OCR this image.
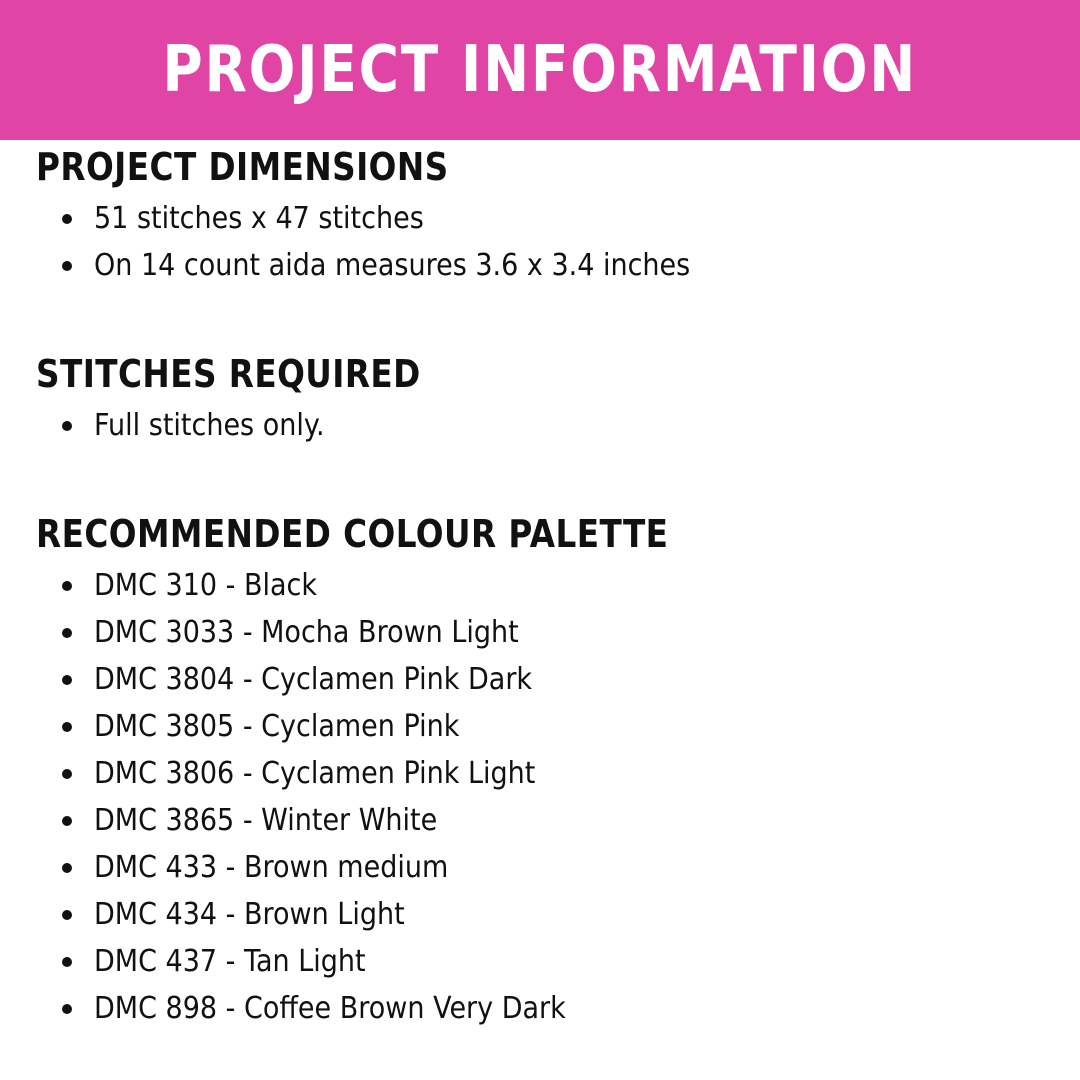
PROJECT INFORMATION
PROJECT DIMENSIONS
51 stitches x 47 stitches
On 14 count aida measures 3.6 x 3.4 inches
STITCHES REQUIRED
Full stitches only.
RECOMMENDED COLOUR PALETTE
DMC 310 - Black
DMC 3033 - Mocha Brown Light
DMC 3804 - Cyclamen Pink Dark
DMC 3805 - Cyclamen Pink
DMC 3806 - Cyclamen Pink Light
DMC 3865 - Winter White
DMC 433 - Brown medium
DMC 434 - Brown Light
DMC 437 - Tan Light
DMC 898 - Coffee Brown Very Dark
